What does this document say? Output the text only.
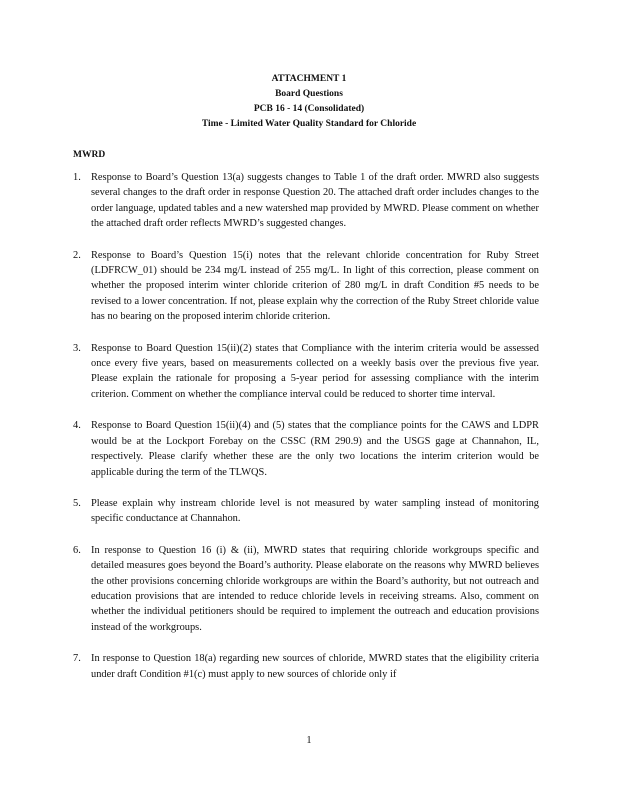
ATTACHMENT 1
Board Questions
PCB 16 - 14 (Consolidated)
Time - Limited Water Quality Standard for Chloride
MWRD
1. Response to Board’s Question 13(a) suggests changes to Table 1 of the draft order. MWRD also suggests several changes to the draft order in response Question 20. The attached draft order includes changes to the order language, updated tables and a new watershed map provided by MWRD. Please comment on whether the attached draft order reflects MWRD’s suggested changes.
2. Response to Board’s Question 15(i) notes that the relevant chloride concentration for Ruby Street (LDFRCW_01) should be 234 mg/L instead of 255 mg/L. In light of this correction, please comment on whether the proposed interim winter chloride criterion of 280 mg/L in draft Condition #5 needs to be revised to a lower concentration. If not, please explain why the correction of the Ruby Street chloride value has no bearing on the proposed interim chloride criterion.
3. Response to Board Question 15(ii)(2) states that Compliance with the interim criteria would be assessed once every five years, based on measurements collected on a weekly basis over the previous five year. Please explain the rationale for proposing a 5-year period for assessing compliance with the interim criterion. Comment on whether the compliance interval could be reduced to shorter time interval.
4. Response to Board Question 15(ii)(4) and (5) states that the compliance points for the CAWS and LDPR would be at the Lockport Forebay on the CSSC (RM 290.9) and the USGS gage at Channahon, IL, respectively. Please clarify whether these are the only two locations the interim criterion would be applicable during the term of the TLWQS.
5. Please explain why instream chloride level is not measured by water sampling instead of monitoring specific conductance at Channahon.
6. In response to Question 16 (i) & (ii), MWRD states that requiring chloride workgroups specific and detailed measures goes beyond the Board’s authority. Please elaborate on the reasons why MWRD believes the other provisions concerning chloride workgroups are within the Board’s authority, but not outreach and education provisions that are intended to reduce chloride levels in receiving streams. Also, comment on whether the individual petitioners should be required to implement the outreach and education provisions instead of the workgroups.
7. In response to Question 18(a) regarding new sources of chloride, MWRD states that the eligibility criteria under draft Condition #1(c) must apply to new sources of chloride only if
1
